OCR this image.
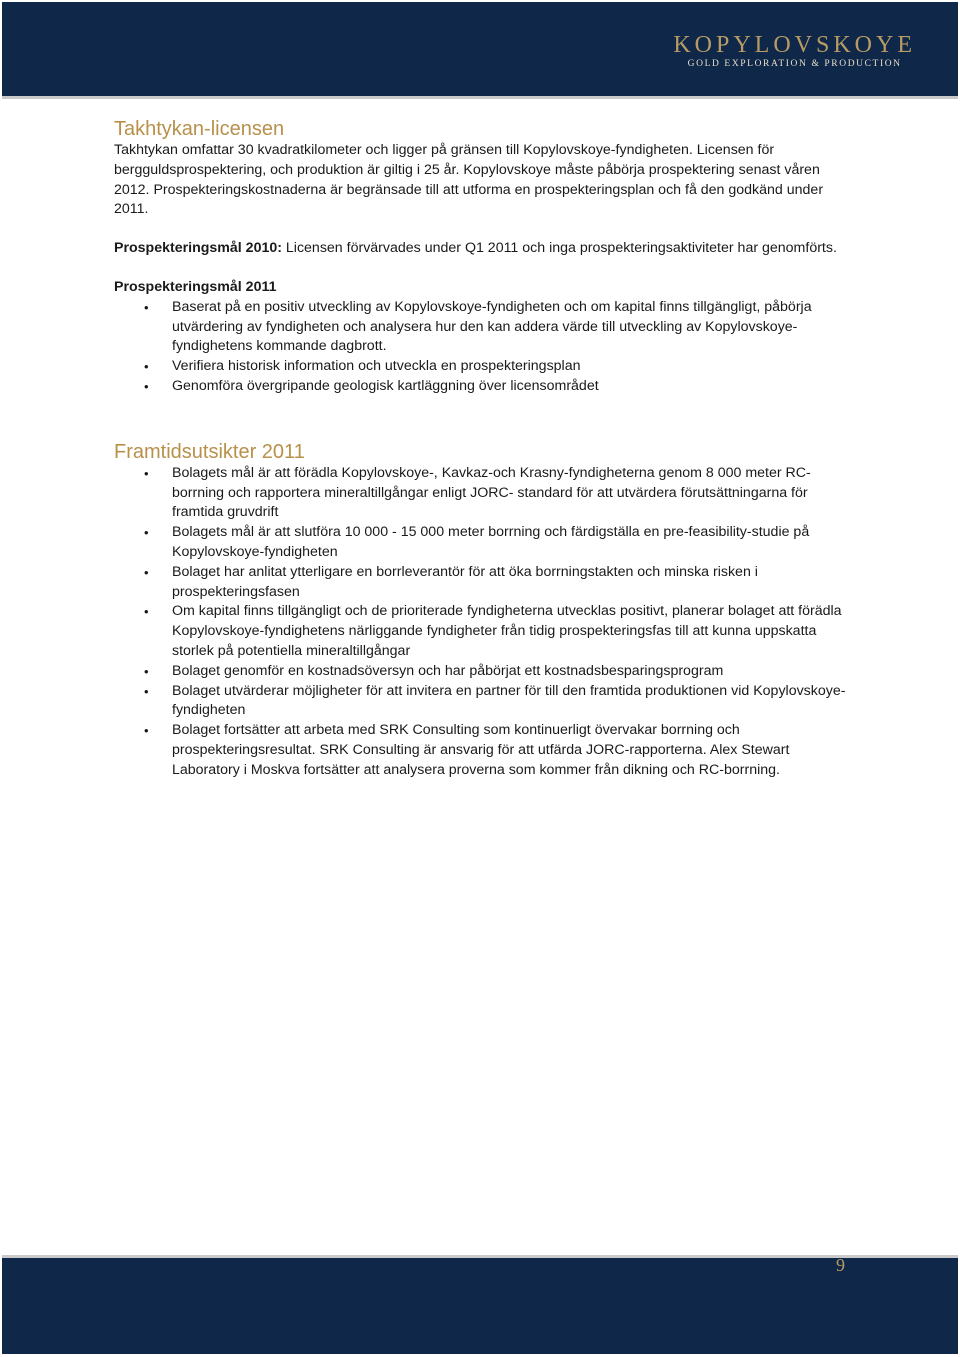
KOPYLOVSKOYE
GOLD EXPLORATION & PRODUCTION
Takhtykan-licensen

Takhtykan omfattar 30 kvadratkilometer och ligger på gränsen till Kopylovskoye-fyndigheten. Licensen för bergguldsprospektering, och produktion är giltig i 25 år. Kopylovskoye måste påbörja prospektering senast våren 2012. Prospekteringskostnaderna är begränsade till att utforma en prospekteringsplan och få den godkänd under 2011.

Prospekteringsmål 2010: Licensen förvärvades under Q1 2011 och inga prospekteringsaktiviteter har genomförts.

Prospekteringsmål 2011

• Baserat på en positiv utveckling av Kopylovskoye-fyndigheten och om kapital finns tillgängligt, påbörja utvärdering av fyndigheten och analysera hur den kan addera värde till utveckling av Kopylovskoye-fyndighetens kommande dagbrott.
• Verifiera historisk information och utveckla en prospekteringsplan
• Genomföra övergripande geologisk kartläggning över licensområdet
Framtidsutsikter 2011
• Bolagets mål är att förädla Kopylovskoye-, Kavkaz-och Krasny-fyndigheterna genom 8 000 meter RC-borrning och rapportera mineraltillgångar enligt JORC- standard för att utvärdera förutsättningarna för framtida gruvdrift
• Bolagets mål är att slutföra 10 000 - 15 000 meter borrning och färdigställa en pre-feasibility-studie på Kopylovskoye-fyndigheten
• Bolaget har anlitat ytterligare en borrleverantör för att öka borrningstakten och minska risken i prospekteringsfasen
• Om kapital finns tillgängligt och de prioriterade fyndigheterna utvecklas positivt, planerar bolaget att förädla Kopylovskoye-fyndighetens närliggande fyndigheter från tidig prospekteringsfas till att kunna uppskatta storlek på potentiella mineraltillgångar
• Bolaget genomför en kostnadsöversyn och har påbörjat ett kostnadsbesparingsprogram
• Bolaget utvärderar möjligheter för att invitera en partner för till den framtida produktionen vid Kopylovskoye-fyndigheten
• Bolaget fortsätter att arbeta med SRK Consulting som kontinuerligt övervakar borrning och prospekteringsresultat. SRK Consulting är ansvarig för att utfärda JORC-rapporterna. Alex Stewart Laboratory i Moskva fortsätter att analysera proverna som kommer från dikning och RC-borrning.
9
